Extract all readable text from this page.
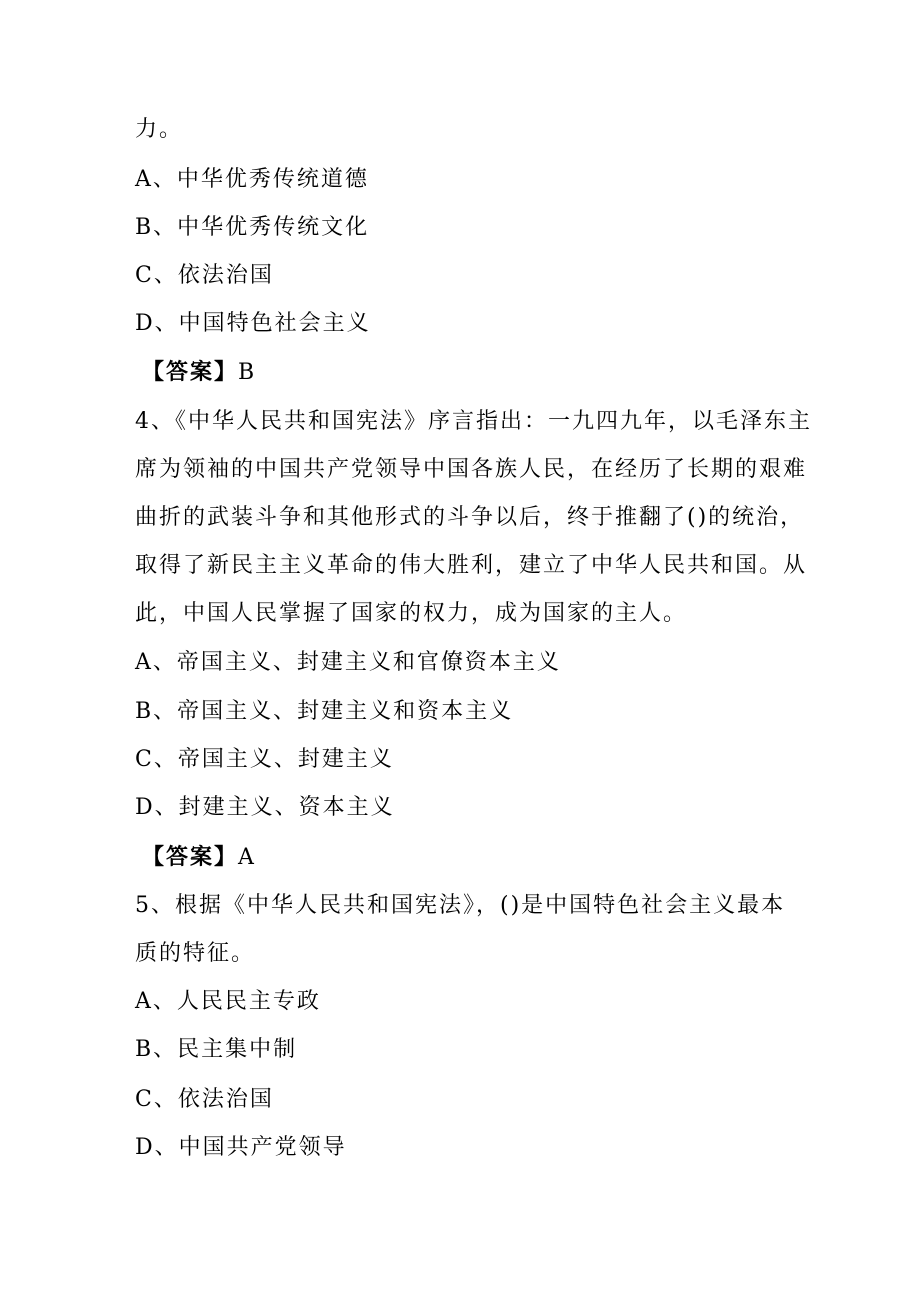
力。
A、中华优秀传统道德
B、中华优秀传统文化
C、依法治国
D、中国特色社会主义
【答案】B
4、《中华人民共和国宪法》序言指出：一九四九年，以毛泽东主
席为领袖的中国共产党领导中国各族人民，在经历了长期的艰难
曲折的武装斗争和其他形式的斗争以后，终于推翻了()的统治，
取得了新民主主义革命的伟大胜利，建立了中华人民共和国。从
此，中国人民掌握了国家的权力，成为国家的主人。
A、帝国主义、封建主义和官僚资本主义
B、帝国主义、封建主义和资本主义
C、帝国主义、封建主义
D、封建主义、资本主义
【答案】A
5、根据《中华人民共和国宪法》，()是中国特色社会主义最本
质的特征。
A、人民民主专政
B、民主集中制
C、依法治国
D、中国共产党领导
